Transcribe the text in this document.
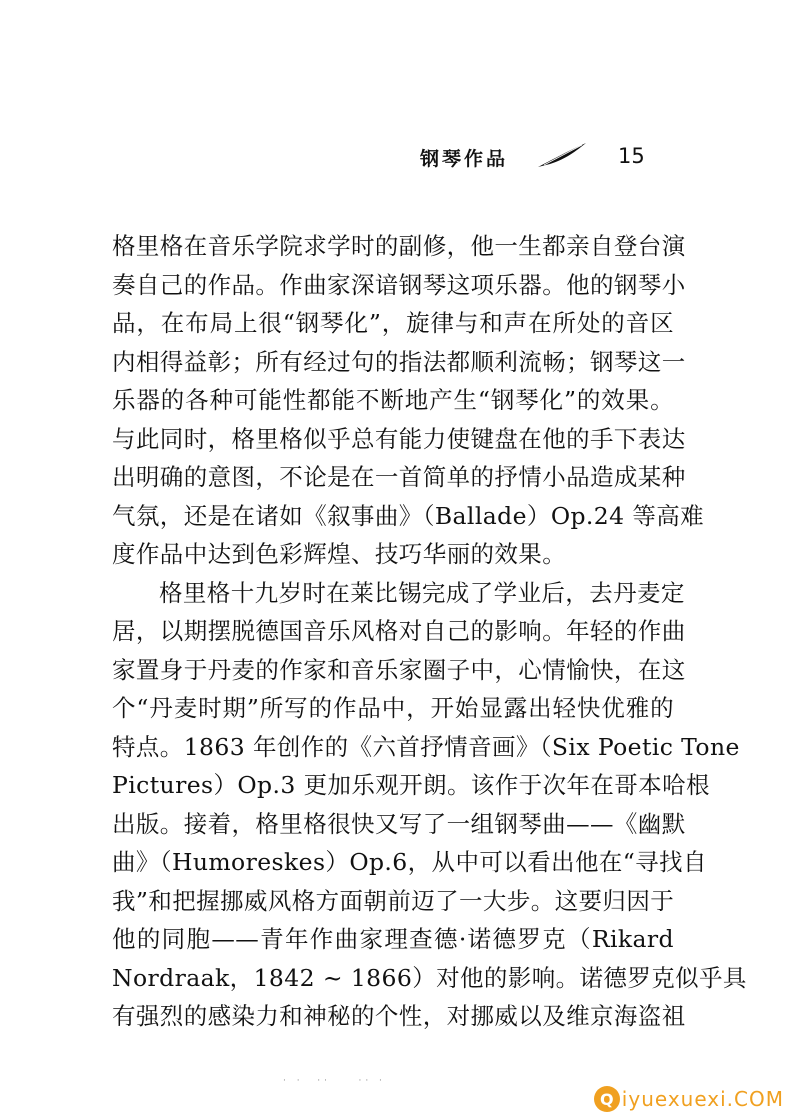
钢琴作品	15
格里格在音乐学院求学时的副修，他一生都亲自登台演
奏自己的作品。作曲家深谙钢琴这项乐器。他的钢琴小
品，在布局上很“钢琴化”，旋律与和声在所处的音区
内相得益彰；所有经过句的指法都顺利流畅；钢琴这一
乐器的各种可能性都能不断地产生“钢琴化”的效果。
与此同时，格里格似乎总有能力使键盘在他的手下表达
出明确的意图，不论是在一首简单的抒情小品造成某种
气氛，还是在诸如《叙事曲》（Ballade）Op.24 等高难
度作品中达到色彩辉煌、技巧华丽的效果。
格里格十九岁时在莱比锡完成了学业后，去丹麦定
居，以期摆脱德国音乐风格对自己的影响。年轻的作曲
家置身于丹麦的作家和音乐家圈子中，心情愉快，在这
个“丹麦时期”所写的作品中，开始显露出轻快优雅的
特点。1863 年创作的《六首抒情音画》（Six Poetic Tone
Pictures）Op.3 更加乐观开朗。该作于次年在哥本哈根
出版。接着，格里格很快又写了一组钢琴曲——《幽默
曲》（Humoreskes）Op.6，从中可以看出他在“寻找自
我”和把握挪威风格方面朝前迈了一大步。这要归因于
他的同胞——青年作曲家理查德·诺德罗克（Rikard
Nordraak，1842 ~ 1866）对他的影响。诺德罗克似乎具
有强烈的感染力和神秘的个性，对挪威以及维京海盗祖
· ·  ··    ·· ·
Q iyuexuexi.COM
